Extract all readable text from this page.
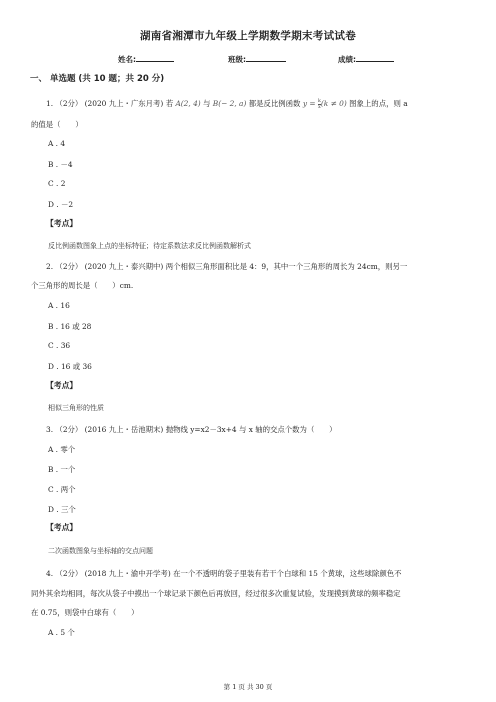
湖南省湘潭市九年级上学期数学期末考试试卷
姓名:	班级:	成绩:
一、 单选题 (共 10 题；共 20 分)
1. （2分） (2020 九上・广东月考) 若 A(2, 4) 与 B(− 2, a) 都是反比例函数 $y = \frac{k}{x} (k \ne 0)$ 图象上的点，则 a
的值是（　　）
A . 4
B . －4
C . 2
D . －2
【考点】
反比例函数图象上点的坐标特征；待定系数法求反比例函数解析式
2. （2分） (2020 九上・泰兴期中) 两个相似三角形面积比是 4：9，其中一个三角形的周长为 24cm，则另一
个三角形的周长是（　　）cm.
A . 16
B . 16 或 28
C . 36
D . 16 或 36
【考点】
相似三角形的性质
3. （2分） (2016 九上・岳池期末) 抛物线 y=x2－3x+4 与 x 轴的交点个数为（　　）
A . 零个
B . 一个
C . 两个
D . 三个
【考点】
二次函数图象与坐标轴的交点问题
4. （2分） (2018 九上・渝中开学考) 在一个不透明的袋子里装有若干个白球和 15 个黄球，这些球除颜色不
同外其余均相同，每次从袋子中摸出一个球记录下颜色后再放回，经过很多次重复试验，发现摸到黄球的频率稳定
在 0.75，则袋中白球有（　　）
A . 5 个
第 1 页 共 30 页
